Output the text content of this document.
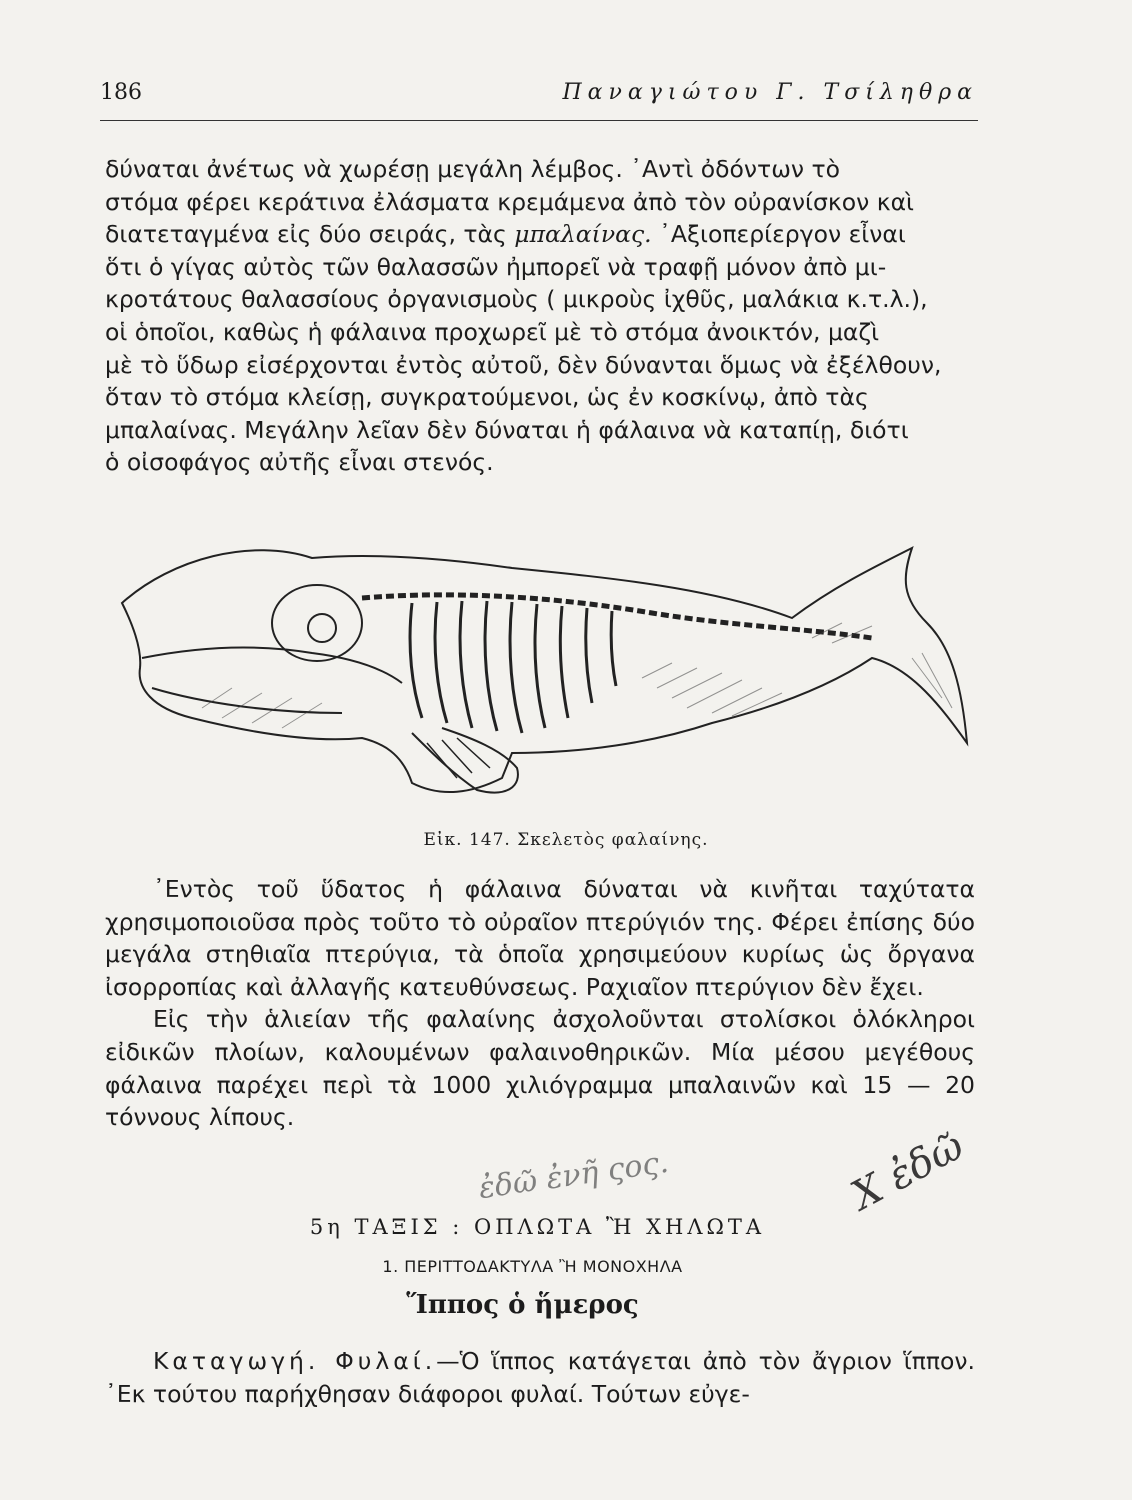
186	Παναγιώτου Γ. Τσίληθρα

δύναται ἀνέτως νὰ χωρέσῃ μεγάλη λέμβος. ᾽Αντὶ ὀδόντων τὸ

στόμα φέρει κεράτινα ἐλάσματα κρεμάμενα ἀπὸ τὸν οὐρανίσκον καὶ

διατεταγμένα εἰς δύο σειράς, τὰς μπαλαίνας. ᾽Αξιοπερίεργον εἶναι

ὅτι ὁ γίγας αὐτὸς τῶν θαλασσῶν ἠμπορεῖ νὰ τραφῇ μόνον ἀπὸ μι-

κροτάτους θαλασσίους ὀργανισμοὺς ( μικροὺς ἰχθῦς, μαλάκια κ.τ.λ.),

οἱ ὁποῖοι, καθὼς ἡ φάλαινα προχωρεῖ μὲ τὸ στόμα ἀνοικτόν, μαζὶ

μὲ τὸ ὕδωρ εἰσέρχονται ἐντὸς αὐτοῦ, δὲν δύνανται ὅμως νὰ ἐξέλθουν,

ὅταν τὸ στόμα κλείσῃ, συγκρατούμενοι, ὡς ἐν κοσκίνῳ, ἀπὸ τὰς

μπαλαίνας. Μεγάλην λεῖαν δὲν δύναται ἡ φάλαινα νὰ καταπίῃ, διότι

ὁ οἰσοφάγος αὐτῆς εἶναι στενός.

Εἰκ. 147. Σκελετὸς φαλαίνης.

᾽Εντὸς τοῦ ὕδατος ἡ φάλαινα δύναται νὰ κινῆται ταχύτατα χρησιμοποιοῦσα πρὸς τοῦτο τὸ οὐραῖον πτερύγιόν της. Φέρει ἐπίσης δύο μεγάλα στηθιαῖα πτερύγια, τὰ ὁποῖα χρησιμεύουν κυρίως ὡς ὄργανα ἰσορροπίας καὶ ἀλλαγῆς κατευθύνσεως. Ραχιαῖον πτερύγιον δὲν ἔχει.

Εἰς τὴν ἁλιείαν τῆς φαλαίνης ἀσχολοῦνται στολίσκοι ὁλόκληροι εἰδικῶν πλοίων, καλουμένων φαλαινοθηρικῶν. Μία μέσου μεγέθους φάλαινα παρέχει περὶ τὰ 1000 χιλιόγραμμα μπαλαινῶν καὶ 15 — 20 τόννους λίπους.

ἐδῶ ἐνῆ ςος.	Χ ἐδῶ
5η ΤΑΞΙΣ : ΟΠΛΩΤΑ Ἢ ΧΗΛΩΤΑ
1. ΠΕΡΙΤΤΟΔΑΚΤΥΛΑ Ἢ ΜΟΝΟΧΗΛΑ
Ἵππος ὁ ἥμερος

Καταγωγή. Φυλαί.—Ὁ ἵππος κατάγεται ἀπὸ τὸν ἄγριον ἵππον. ᾽Εκ τούτου παρήχθησαν διάφοροι φυλαί. Τούτων εὐγε-
